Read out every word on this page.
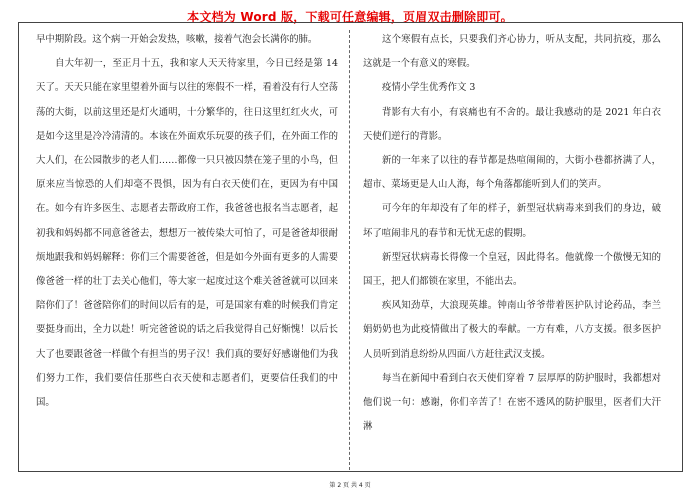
本文档为 Word 版，下载可任意编辑，页眉双击删除即可。

早中期阶段。这个病一开始会发热，咳嗽，接着气泡会长满你的肺。

自大年初一，至正月十五，我和家人天天待家里，今日已经是第 14 天了。天天只能在家里望着外面与以往的寒假不一样，看着没有行人空荡荡的大街，以前这里还是灯火通明，十分繁华的，往日这里红红火火，可是如今这里是冷冷清清的。本该在外面欢乐玩耍的孩子们，在外面工作的大人们，在公园散步的老人们……都像一只只被囚禁在笼子里的小鸟，但原来应当惊恐的人们却毫不畏惧，因为有白衣天使们在，更因为有中国在。如今有许多医生、志愿者去帮政府工作，我爸爸也报名当志愿者，起初我和妈妈都不同意爸爸去，想想万一被传染大可怕了，可是爸爸却很耐烦地跟我和妈妈解释：你们三个需要爸爸，但是如今外面有更多的人需要像爸爸一样的壮丁去关心他们，等大家一起度过这个难关爸爸就可以回来陪你们了！爸爸陪你们的时间以后有的是，可是国家有难的时候我们肯定要挺身而出，全力以赴！听完爸爸说的话之后我觉得自己好惭愧！以后长大了也要跟爸爸一样做个有担当的男子汉！我们真的要好好感谢他们为我们努力工作，我们要信任那些白衣天使和志愿者们，更要信任我们的中国。

这个寒假有点长，只要我们齐心协力，听从支配，共同抗疫，那么这就是一个有意义的寒假。

疫情小学生优秀作文 3

背影有大有小，有哀痛也有不舍的。最让我感动的是 2021 年白衣天使们逆行的背影。

新的一年来了以往的春节都是热喧闹闹的，大街小巷都挤满了人，超市、菜场更是人山人海，每个角落都能听到人们的笑声。

可今年的年却没有了年的样子，新型冠状病毒来到我们的身边，破坏了喧闹非凡的春节和无忧无虑的假期。

新型冠状病毒长得像一个皇冠，因此得名。他就像一个傲慢无知的国王，把人们都锁在家里，不能出去。

疾风知劲草，大浪现英雄。钟南山爷爷带着医护队讨论药品，李兰娟奶奶也为此疫情做出了极大的奉献。一方有难，八方支援。很多医护人员听到消息纷纷从四面八方赶往武汉支援。

每当在新闻中看到白衣天使们穿着 7 层厚厚的防护服时，我都想对他们说一句：感谢，你们辛苦了！在密不透风的防护服里，医者们大汗淋

第 2 页 共 4 页
